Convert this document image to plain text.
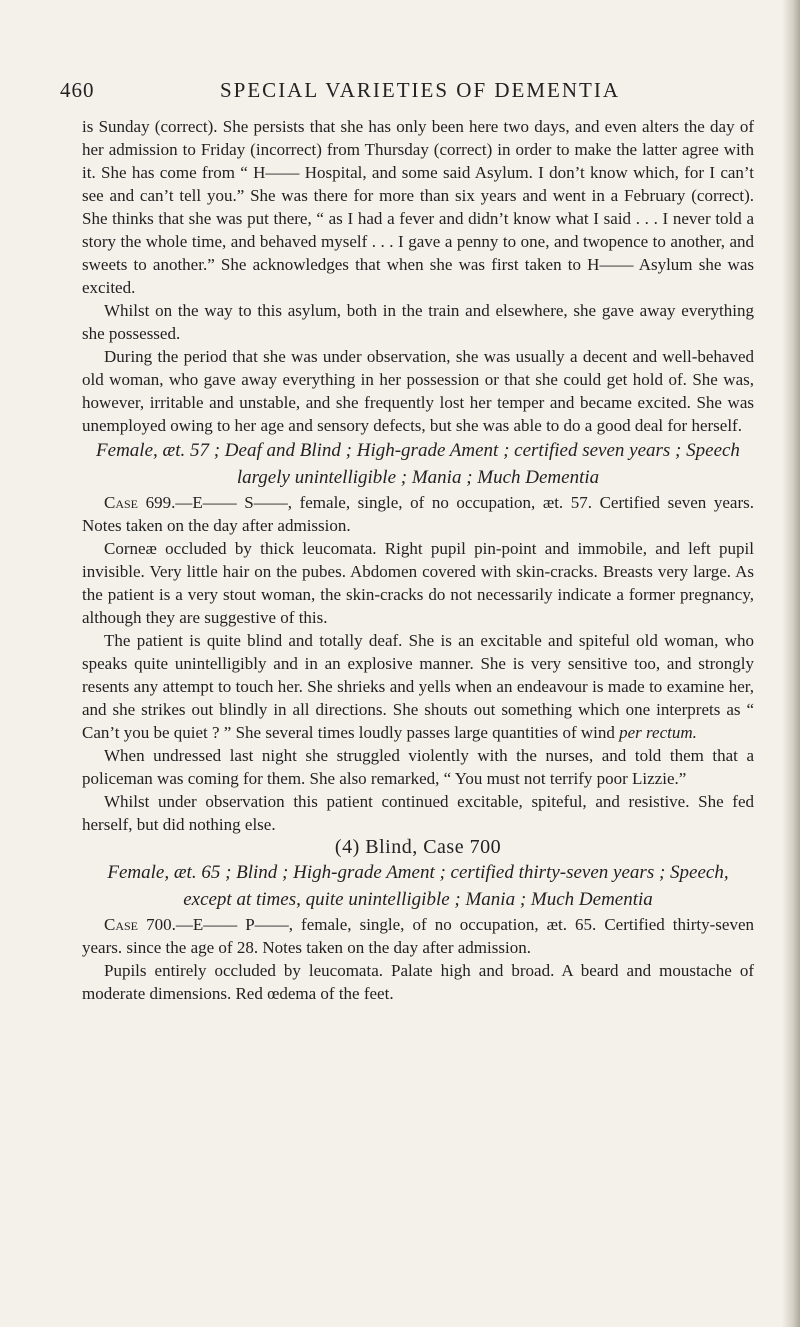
460	SPECIAL VARIETIES OF DEMENTIA

is Sunday (correct). She persists that she has only been here two days, and even alters the day of her admission to Friday (incorrect) from Thursday (correct) in order to make the latter agree with it. She has come from “ H—— Hospital, and some said Asylum. I don’t know which, for I can’t see and can’t tell you.” She was there for more than six years and went in a February (correct). She thinks that she was put there, “ as I had a fever and didn’t know what I said . . . I never told a story the whole time, and behaved myself . . . I gave a penny to one, and twopence to another, and sweets to another.” She acknowledges that when she was first taken to H—— Asylum she was excited.

Whilst on the way to this asylum, both in the train and elsewhere, she gave away everything she possessed.

During the period that she was under observation, she was usually a decent and well-behaved old woman, who gave away everything in her possession or that she could get hold of. She was, however, irritable and unstable, and she frequently lost her temper and became excited. She was unemployed owing to her age and sensory defects, but she was able to do a good deal for herself.

Female, æt. 57 ; Deaf and Blind ; High-grade Ament ; certified seven years ; Speech largely unintelligible ; Mania ; Much Dementia

Case 699.—E—— S——, female, single, of no occupation, æt. 57. Certified seven years. Notes taken on the day after admission.

Corneæ occluded by thick leucomata. Right pupil pin-point and immobile, and left pupil invisible. Very little hair on the pubes. Abdomen covered with skin-cracks. Breasts very large. As the patient is a very stout woman, the skin-cracks do not necessarily indicate a former pregnancy, although they are suggestive of this.

The patient is quite blind and totally deaf. She is an excitable and spiteful old woman, who speaks quite unintelligibly and in an explosive manner. She is very sensitive too, and strongly resents any attempt to touch her. She shrieks and yells when an endeavour is made to examine her, and she strikes out blindly in all directions. She shouts out something which one interprets as “ Can’t you be quiet ? ” She several times loudly passes large quantities of wind per rectum.

When undressed last night she struggled violently with the nurses, and told them that a policeman was coming for them. She also remarked, “ You must not terrify poor Lizzie.”

Whilst under observation this patient continued excitable, spiteful, and resistive. She fed herself, but did nothing else.

(4) Blind, Case 700

Female, æt. 65 ; Blind ; High-grade Ament ; certified thirty-seven years ; Speech, except at times, quite unintelligible ; Mania ; Much Dementia

Case 700.—E—— P——, female, single, of no occupation, æt. 65. Certified thirty-seven years. since the age of 28. Notes taken on the day after admission.

Pupils entirely occluded by leucomata. Palate high and broad. A beard and moustache of moderate dimensions. Red œdema of the feet.
